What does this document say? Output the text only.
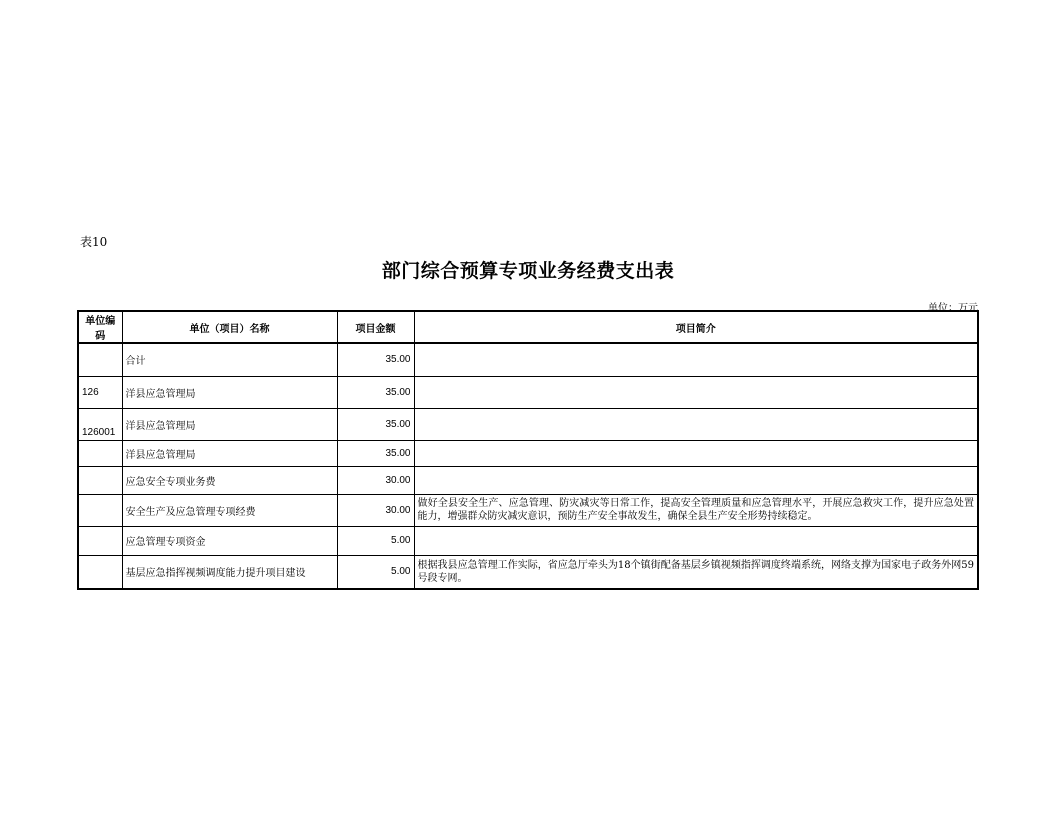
表10
部门综合预算专项业务经费支出表
单位：万元
单位编码	单位（项目）名称	项目金额	项目简介
	合计	35.00	
126	洋县应急管理局	35.00	
126001	洋县应急管理局	35.00	
	洋县应急管理局	35.00	
	应急安全专项业务费	30.00	
	安全生产及应急管理专项经费	30.00	做好全县安全生产、应急管理、防灾减灾等日常工作，提高安全管理质量和应急管理水平，开展应急救灾工作，提升应急处置能力，增强群众防灾减灾意识，预防生产安全事故发生，确保全县生产安全形势持续稳定。
	应急管理专项资金	5.00	
	基层应急指挥视频调度能力提升项目建设	5.00	根据我县应急管理工作实际，省应急厅牵头为18个镇街配备基层乡镇视频指挥调度终端系统，网络支撑为国家电子政务外网59号段专网。
